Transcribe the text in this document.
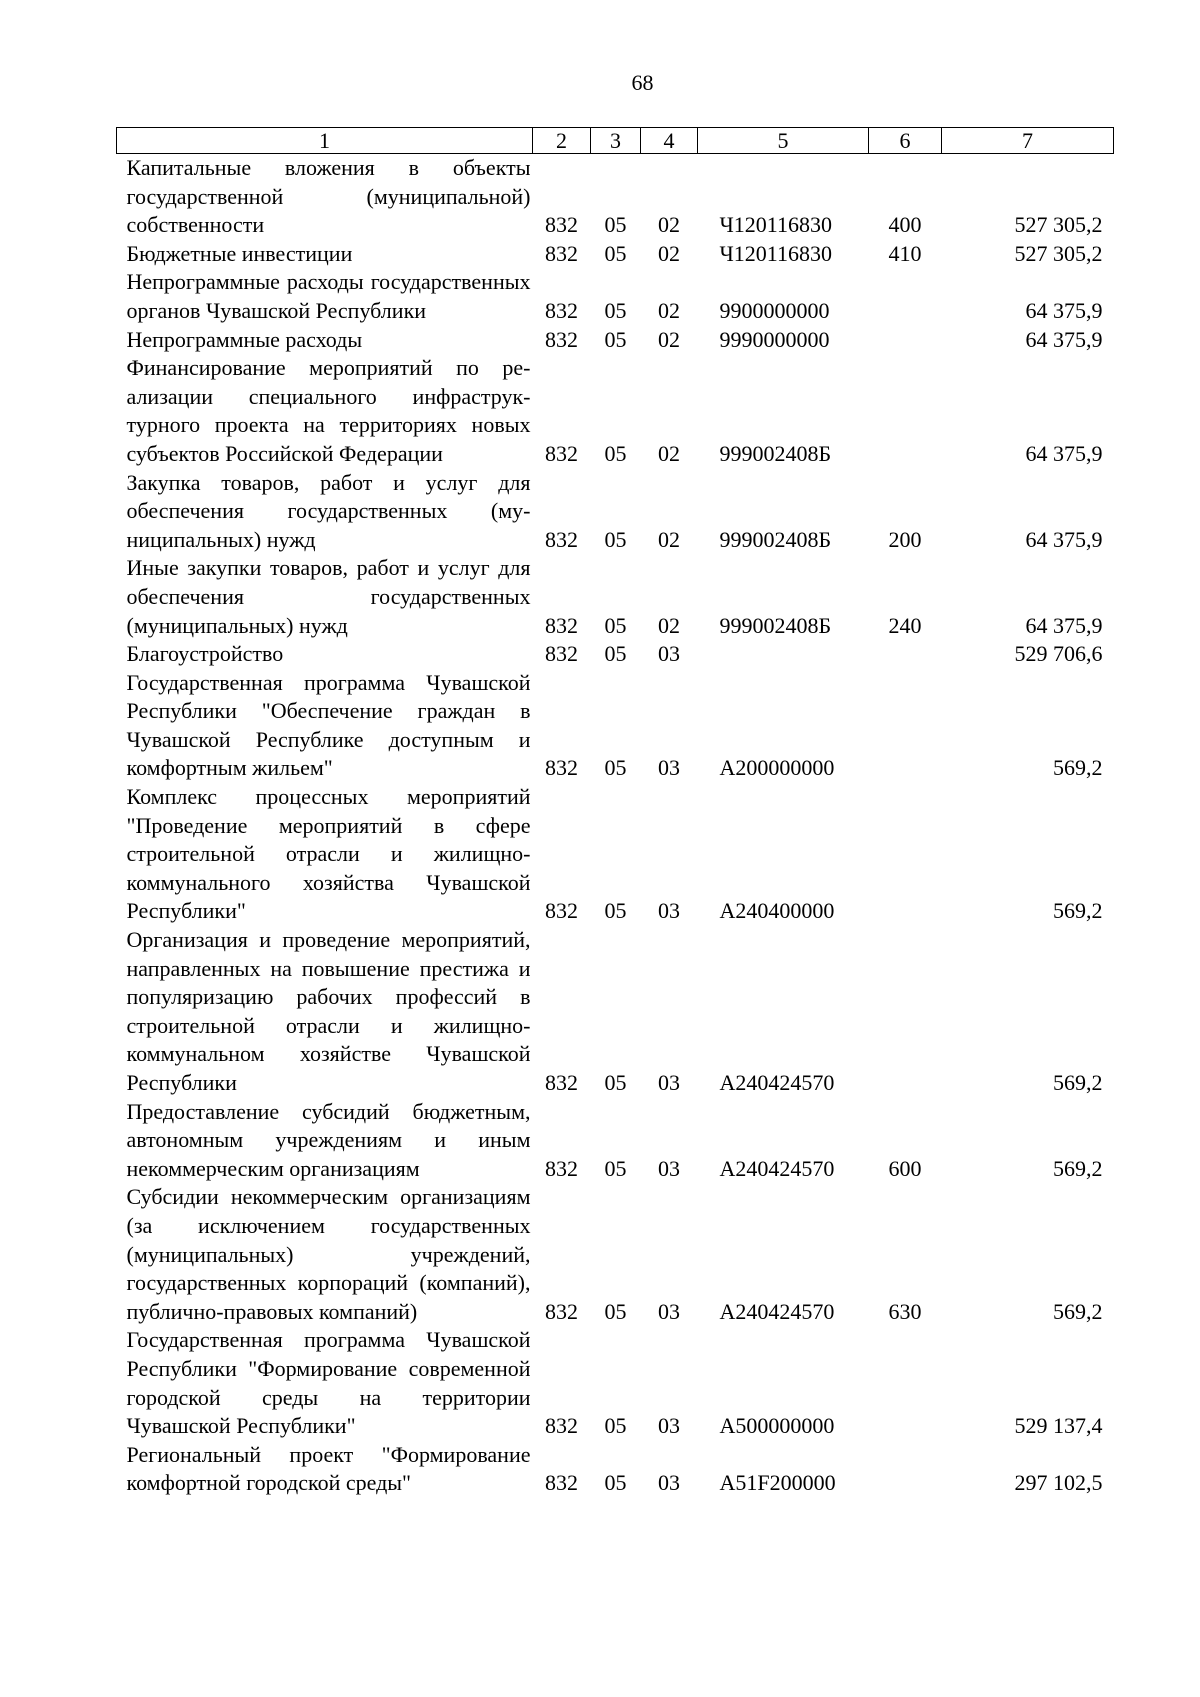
68
1	2	3	4	5	6	7
Капитальные вложения в объекты государственной (муниципальной) собственности	832	05	02	Ч120116830	400	527 305,2
Бюджетные инвестиции	832	05	02	Ч120116830	410	527 305,2
Непрограммные расходы государственных органов Чувашской Республики	832	05	02	9900000000		64 375,9
Непрограммные расходы	832	05	02	9990000000		64 375,9
Финансирование мероприятий по реализации специального инфраструктурного проекта на территориях новых субъектов Российской Федерации	832	05	02	999002408Б		64 375,9
Закупка товаров, работ и услуг для обеспечения государственных (муниципальных) нужд	832	05	02	999002408Б	200	64 375,9
Иные закупки товаров, работ и услуг для обеспечения государственных (муниципальных) нужд	832	05	02	999002408Б	240	64 375,9
Благоустройство	832	05	03			529 706,6
Государственная программа Чувашской Республики "Обеспечение граждан в Чувашской Республике доступным и комфортным жильем"	832	05	03	А200000000		569,2
Комплекс процессных мероприятий "Проведение мероприятий в сфере строительной отрасли и жилищно-коммунального хозяйства Чувашской Республики"	832	05	03	А240400000		569,2
Организация и проведение мероприятий, направленных на повышение престижа и популяризацию рабочих профессий в строительной отрасли и жилищно-коммунальном хозяйстве Чувашской Республики	832	05	03	А240424570		569,2
Предоставление субсидий бюджетным, автономным учреждениям и иным некоммерческим организациям	832	05	03	А240424570	600	569,2
Субсидии некоммерческим организациям (за исключением государственных (муниципальных) учреждений, государственных корпораций (компаний), публично-правовых компаний)	832	05	03	А240424570	630	569,2
Государственная программа Чувашской Республики "Формирование современной городской среды на территории Чувашской Республики"	832	05	03	А500000000		529 137,4
Региональный проект "Формирование комфортной городской среды"	832	05	03	А51F200000		297 102,5
